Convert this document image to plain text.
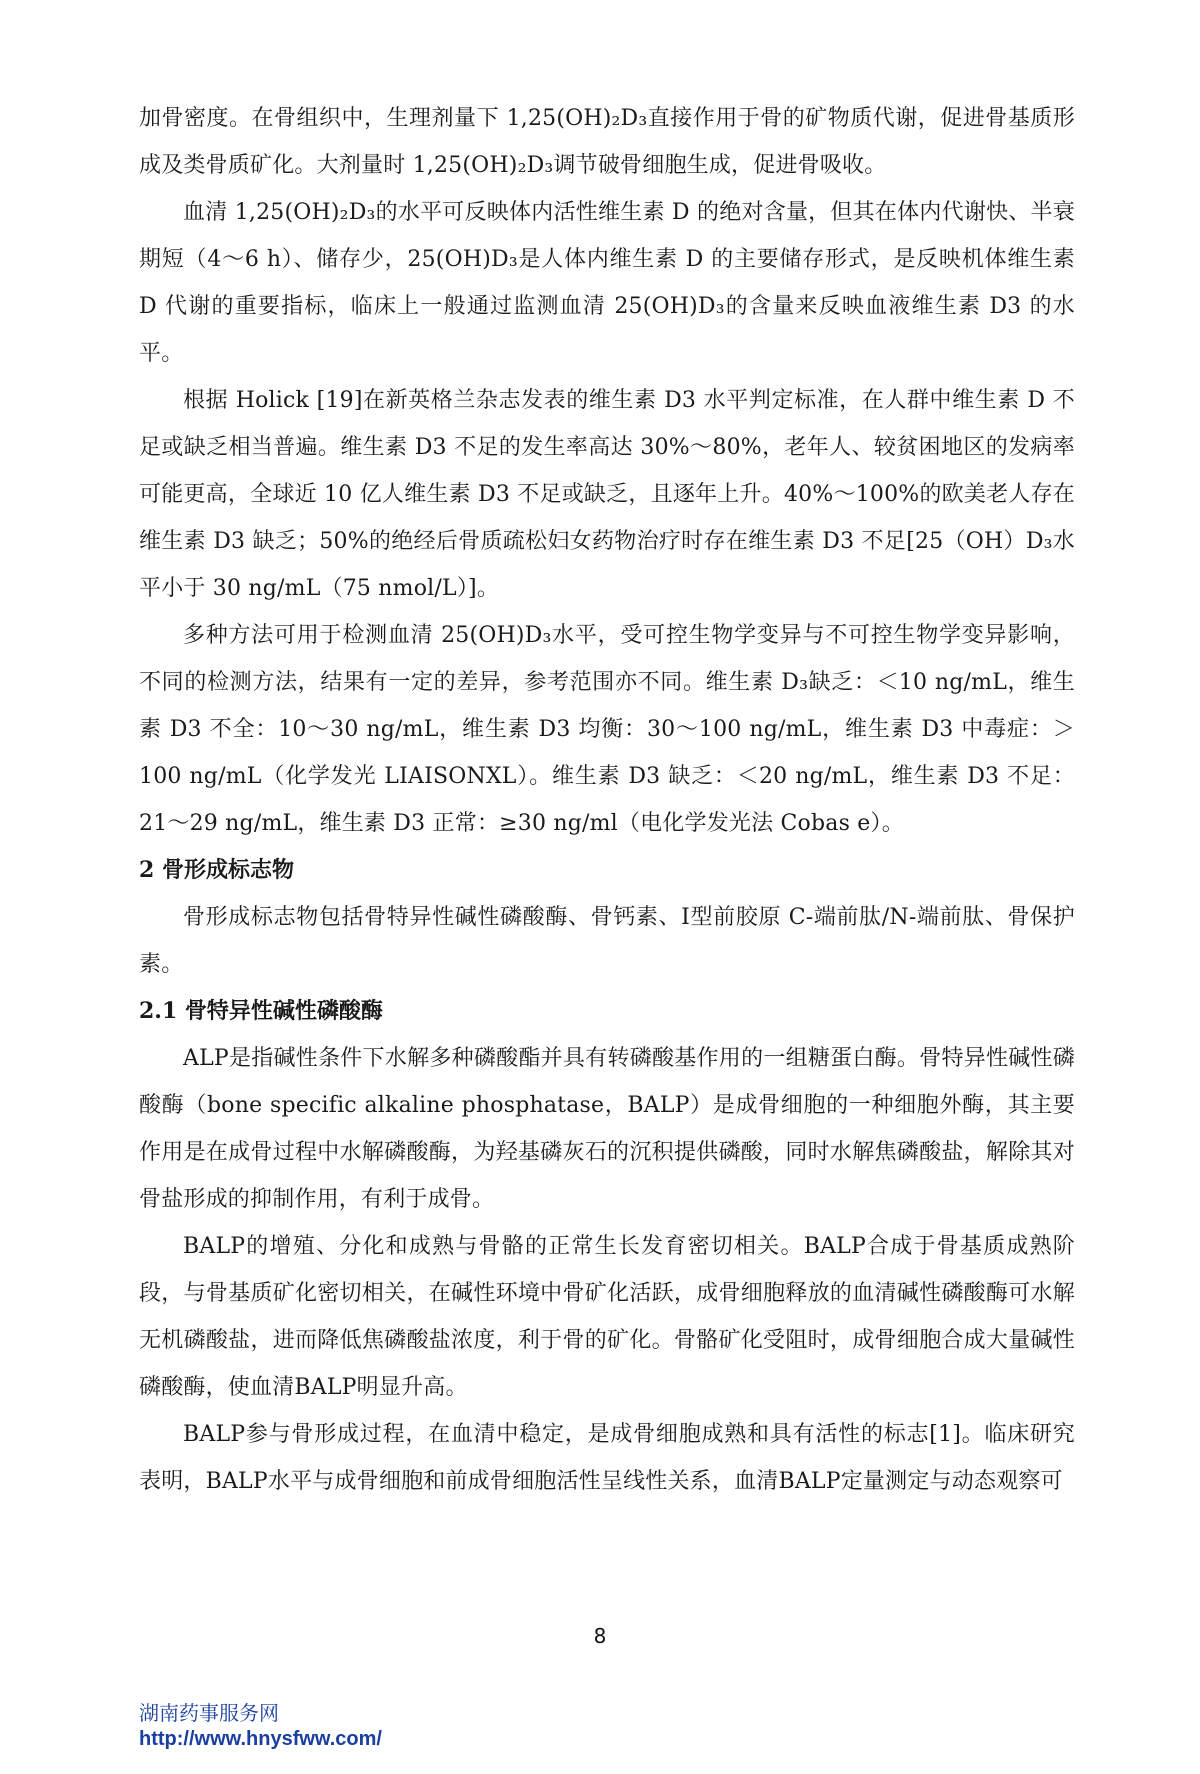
加骨密度。在骨组织中，生理剂量下 1,25(OH)₂D₃直接作用于骨的矿物质代谢，促进骨基质形成及类骨质矿化。大剂量时 1,25(OH)₂D₃调节破骨细胞生成，促进骨吸收。

血清 1,25(OH)₂D₃的水平可反映体内活性维生素 D 的绝对含量，但其在体内代谢快、半衰期短（4～6 h）、储存少，25(OH)D₃是人体内维生素 D 的主要储存形式，是反映机体维生素 D 代谢的重要指标，临床上一般通过监测血清 25(OH)D₃的含量来反映血液维生素 D3 的水平。

根据 Holick [19]在新英格兰杂志发表的维生素 D3 水平判定标准，在人群中维生素 D 不足或缺乏相当普遍。维生素 D3 不足的发生率高达 30%～80%，老年人、较贫困地区的发病率可能更高，全球近 10 亿人维生素 D3 不足或缺乏，且逐年上升。40%～100%的欧美老人存在维生素 D3 缺乏；50%的绝经后骨质疏松妇女药物治疗时存在维生素 D3 不足[25（OH）D₃水平小于 30 ng/mL（75 nmol/L）]。

多种方法可用于检测血清 25(OH)D₃水平，受可控生物学变异与不可控生物学变异影响，不同的检测方法，结果有一定的差异，参考范围亦不同。维生素 D₃缺乏：＜10 ng/mL，维生素 D3 不全：10～30 ng/mL，维生素 D3 均衡：30～100 ng/mL，维生素 D3 中毒症：＞100 ng/mL（化学发光 LIAISONXL）。维生素 D3 缺乏：＜20 ng/mL，维生素 D3 不足：21～29 ng/mL，维生素 D3 正常：≥30 ng/ml（电化学发光法 Cobas e）。

2 骨形成标志物

骨形成标志物包括骨特异性碱性磷酸酶、骨钙素、Ⅰ型前胶原 C-端前肽/N-端前肽、骨保护素。

2.1 骨特异性碱性磷酸酶

ALP是指碱性条件下水解多种磷酸酯并具有转磷酸基作用的一组糖蛋白酶。骨特异性碱性磷酸酶（bone specific alkaline phosphatase，BALP）是成骨细胞的一种细胞外酶，其主要作用是在成骨过程中水解磷酸酶，为羟基磷灰石的沉积提供磷酸，同时水解焦磷酸盐，解除其对骨盐形成的抑制作用，有利于成骨。

BALP的增殖、分化和成熟与骨骼的正常生长发育密切相关。BALP合成于骨基质成熟阶段，与骨基质矿化密切相关，在碱性环境中骨矿化活跃，成骨细胞释放的血清碱性磷酸酶可水解无机磷酸盐，进而降低焦磷酸盐浓度，利于骨的矿化。骨骼矿化受阻时，成骨细胞合成大量碱性磷酸酶，使血清BALP明显升高。

BALP参与骨形成过程，在血清中稳定，是成骨细胞成熟和具有活性的标志[1]。临床研究表明，BALP水平与成骨细胞和前成骨细胞活性呈线性关系，血清BALP定量测定与动态观察可

8
湖南药事服务网
http://www.hnysfww.com/
